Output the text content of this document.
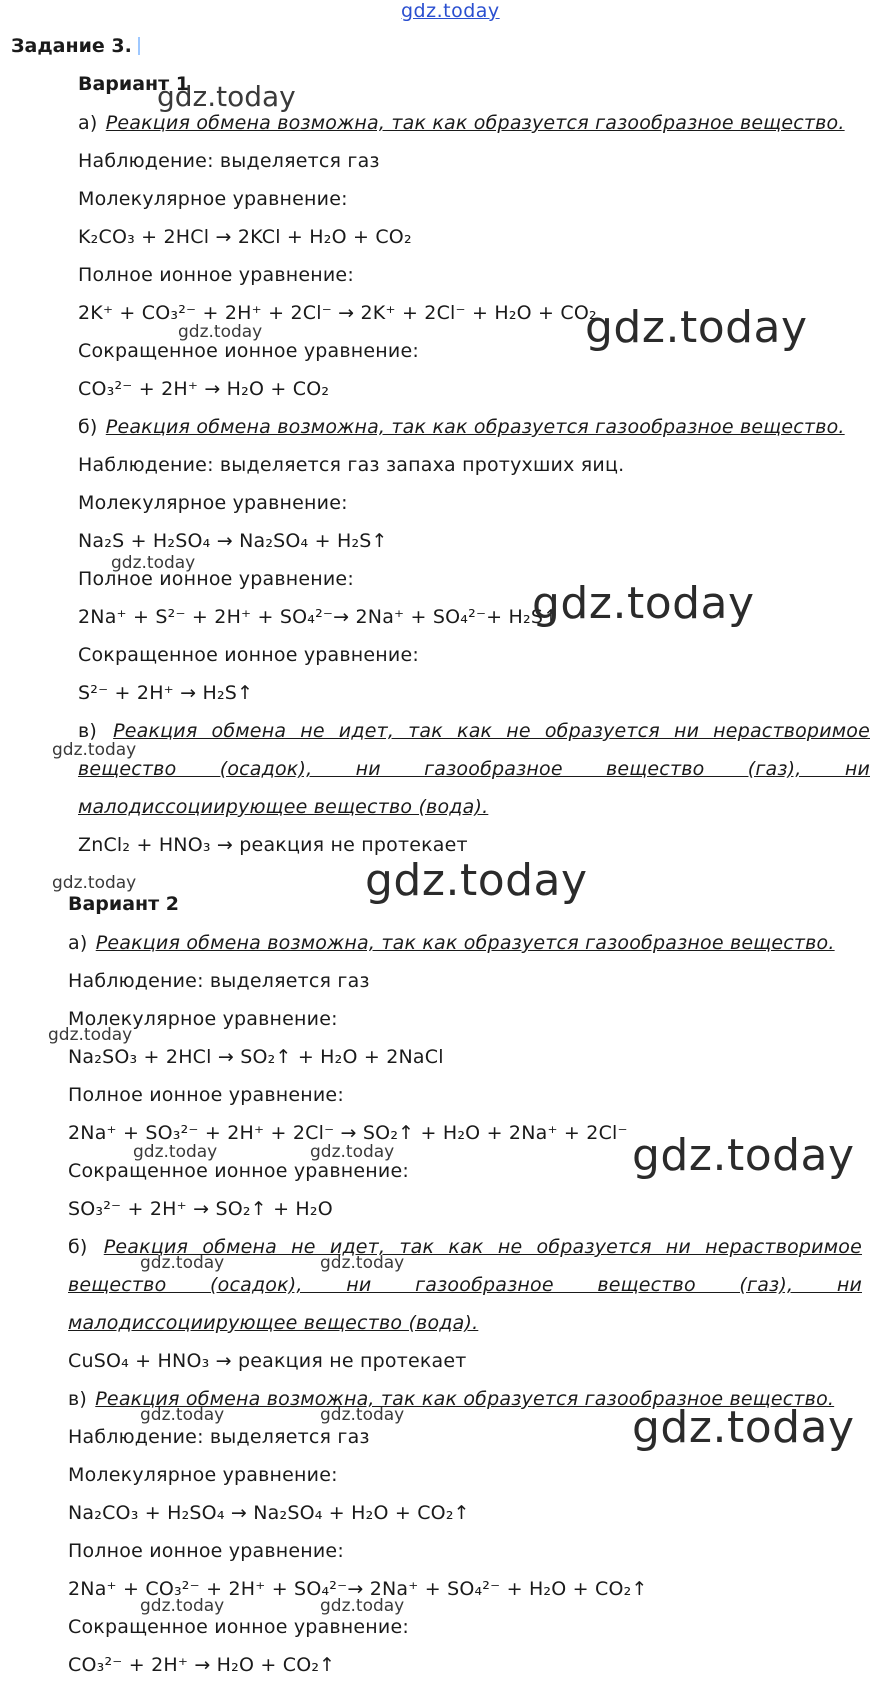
gdz.today
Задание 3.
Вариант 1
а) Реакция обмена возможна, так как образуется газообразное вещество.
Наблюдение: выделяется газ
Молекулярное уравнение:
K₂CO₃ + 2HCl → 2KCl + H₂O + CO₂
Полное ионное уравнение:
2K⁺ + CO₃²⁻ + 2H⁺ + 2Cl⁻ → 2K⁺ + 2Cl⁻ + H₂O + CO₂
Сокращенное ионное уравнение:
CO₃²⁻ + 2H⁺ → H₂O + CO₂
б) Реакция обмена возможна, так как образуется газообразное вещество.
Наблюдение: выделяется газ запаха протухших яиц.
Молекулярное уравнение:
Na₂S + H₂SO₄ → Na₂SO₄ + H₂S↑
Полное ионное уравнение:
2Na⁺ + S²⁻ + 2H⁺ + SO₄²⁻→ 2Na⁺ + SO₄²⁻+ H₂S↑
Сокращенное ионное уравнение:
S²⁻ + 2H⁺ → H₂S↑
в) Реакция обмена не идет, так как не образуется ни нерастворимое
вещество (осадок), ни газообразное вещество (газ), ни
малодиссоциирующее вещество (вода).
ZnCl₂ + HNO₃ → реакция не протекает
Вариант 2
а) Реакция обмена возможна, так как образуется газообразное вещество.
Наблюдение: выделяется газ
Молекулярное уравнение:
Na₂SO₃ + 2HCl → SO₂↑ + H₂O + 2NaCl
Полное ионное уравнение:
2Na⁺ + SO₃²⁻ + 2H⁺ + 2Cl⁻ → SO₂↑ + H₂O + 2Na⁺ + 2Cl⁻
Сокращенное ионное уравнение:
SO₃²⁻ + 2H⁺ → SO₂↑ + H₂O
б) Реакция обмена не идет, так как не образуется ни нерастворимое
вещество (осадок), ни газообразное вещество (газ), ни
малодиссоциирующее вещество (вода).
CuSO₄ + HNO₃ → реакция не протекает
в) Реакция обмена возможна, так как образуется газообразное вещество.
Наблюдение: выделяется газ
Молекулярное уравнение:
Na₂CO₃ + H₂SO₄ → Na₂SO₄ + H₂O + CO₂↑
Полное ионное уравнение:
2Na⁺ + CO₃²⁻ + 2H⁺ + SO₄²⁻→ 2Na⁺ + SO₄²⁻ + H₂O + CO₂↑
Сокращенное ионное уравнение:
CO₃²⁻ + 2H⁺ → H₂O + CO₂↑
gdz.today
gdz.today
gdz.today
gdz.today
gdz.today
gdz.today
gdz.today	gdz.today
gdz.today
gdz.today
gdz.today	gdz.today
gdz.today	gdz.today
gdz.today	gdz.today	gdz.today
gdz.today	gdz.today
